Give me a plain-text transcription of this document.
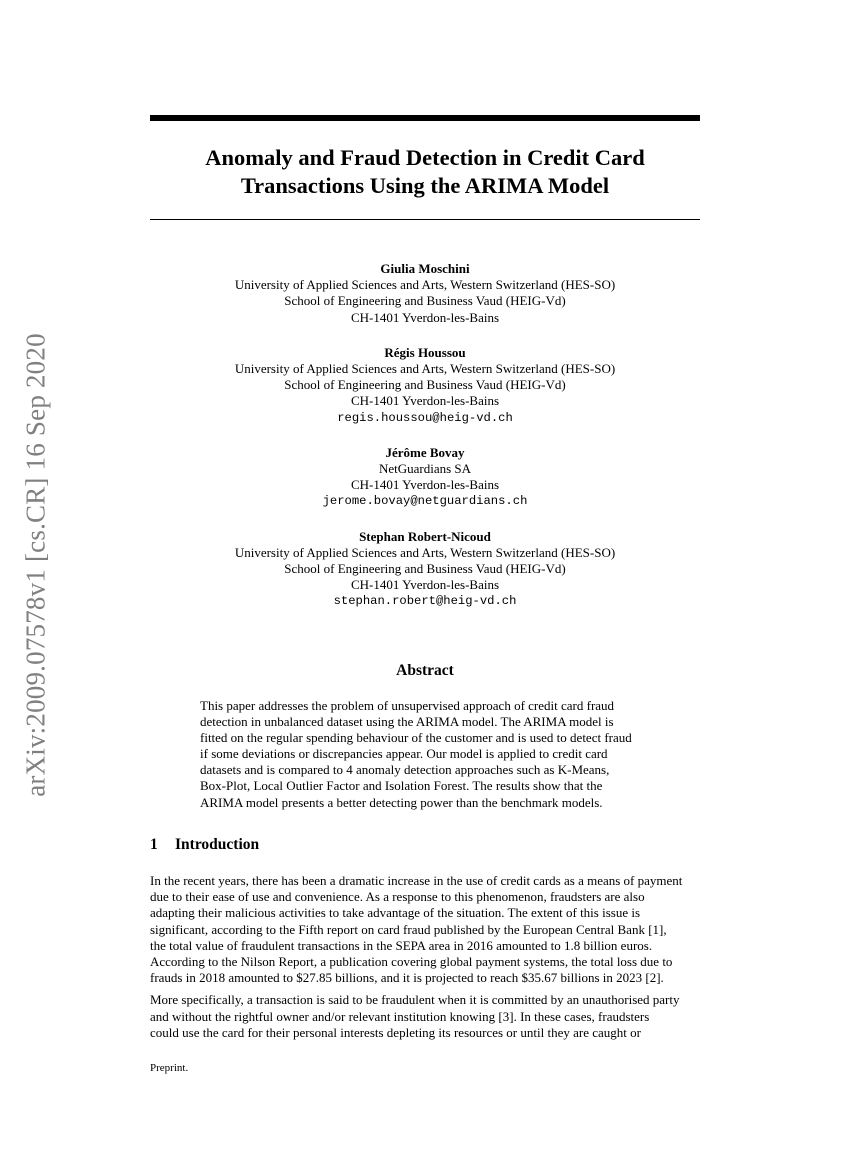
arXiv:2009.07578v1 [cs.CR] 16 Sep 2020
Anomaly and Fraud Detection in Credit Card
Transactions Using the ARIMA Model
Giulia Moschini
University of Applied Sciences and Arts, Western Switzerland (HES-SO)
School of Engineering and Business Vaud (HEIG-Vd)
CH-1401 Yverdon-les-Bains
Régis Houssou
University of Applied Sciences and Arts, Western Switzerland (HES-SO)
School of Engineering and Business Vaud (HEIG-Vd)
CH-1401 Yverdon-les-Bains
regis.houssou@heig-vd.ch
Jérôme Bovay
NetGuardians SA
CH-1401 Yverdon-les-Bains
jerome.bovay@netguardians.ch
Stephan Robert-Nicoud
University of Applied Sciences and Arts, Western Switzerland (HES-SO)
School of Engineering and Business Vaud (HEIG-Vd)
CH-1401 Yverdon-les-Bains
stephan.robert@heig-vd.ch
Abstract
This paper addresses the problem of unsupervised approach of credit card fraud
detection in unbalanced dataset using the ARIMA model. The ARIMA model is
fitted on the regular spending behaviour of the customer and is used to detect fraud
if some deviations or discrepancies appear. Our model is applied to credit card
datasets and is compared to 4 anomaly detection approaches such as K-Means,
Box-Plot, Local Outlier Factor and Isolation Forest. The results show that the
ARIMA model presents a better detecting power than the benchmark models.
1 Introduction

In the recent years, there has been a dramatic increase in the use of credit cards as a means of payment
due to their ease of use and convenience. As a response to this phenomenon, fraudsters are also
adapting their malicious activities to take advantage of the situation. The extent of this issue is
significant, according to the Fifth report on card fraud published by the European Central Bank [1],
the total value of fraudulent transactions in the SEPA area in 2016 amounted to 1.8 billion euros.
According to the Nilson Report, a publication covering global payment systems, the total loss due to
frauds in 2018 amounted to $27.85 billions, and it is projected to reach $35.67 billions in 2023 [2].

More specifically, a transaction is said to be fraudulent when it is committed by an unauthorised party
and without the rightful owner and/or relevant institution knowing [3]. In these cases, fraudsters
could use the card for their personal interests depleting its resources or until they are caught or

Preprint.
